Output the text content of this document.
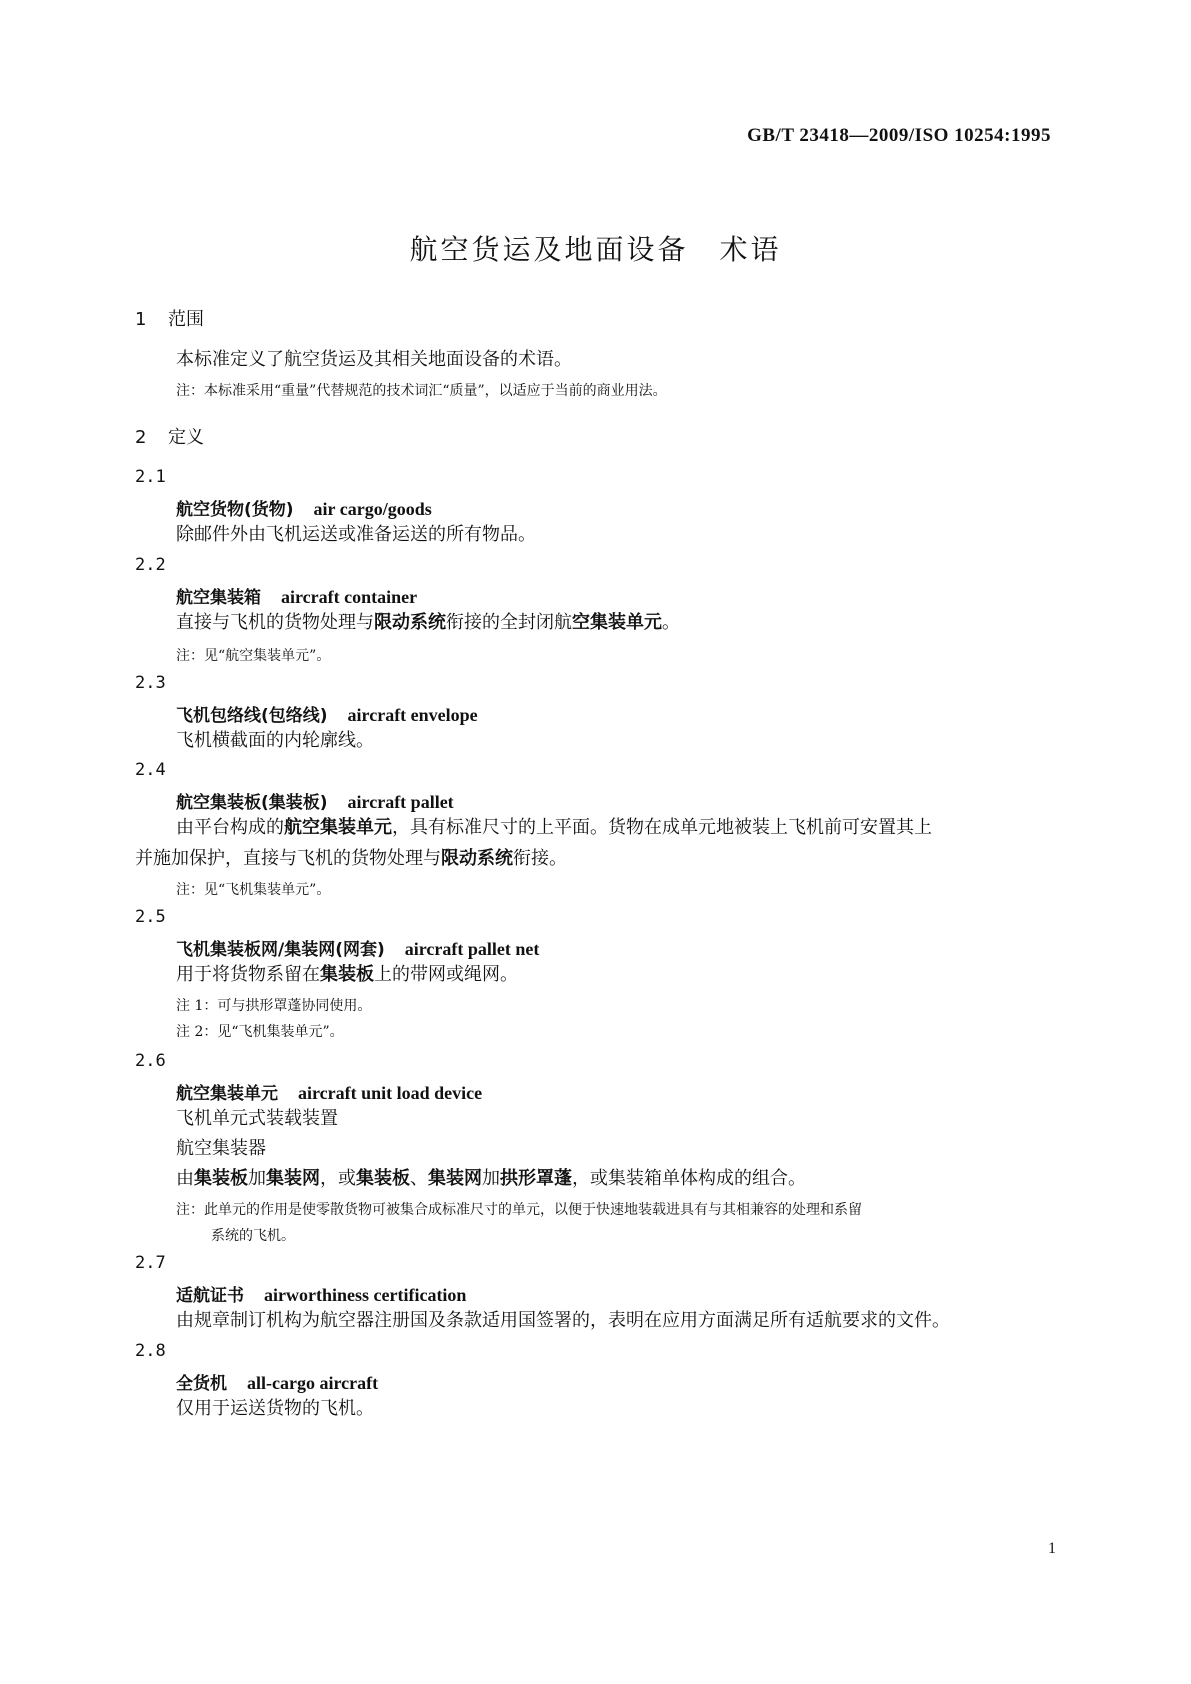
GB/T 23418—2009/ISO 10254:1995
航空货运及地面设备　术语
1 范围
本标准定义了航空货运及其相关地面设备的术语。
注：本标准采用“重量”代替规范的技术词汇“质量”，以适应于当前的商业用法。
2 定义
2.1
航空货物(货物) air cargo/goods
除邮件外由飞机运送或准备运送的所有物品。
2.2
航空集装箱 aircraft container
直接与飞机的货物处理与限动系统衔接的全封闭航空集装单元。
注：见“航空集装单元”。
2.3
飞机包络线(包络线) aircraft envelope
飞机横截面的内轮廓线。
2.4
航空集装板(集装板) aircraft pallet
由平台构成的航空集装单元，具有标准尺寸的上平面。货物在成单元地被装上飞机前可安置其上
并施加保护，直接与飞机的货物处理与限动系统衔接。
注：见“飞机集装单元”。
2.5
飞机集装板网/集装网(网套) aircraft pallet net
用于将货物系留在集装板上的带网或绳网。
注 1：可与拱形罩蓬协同使用。
注 2：见“飞机集装单元”。
2.6
航空集装单元 aircraft unit load device
飞机单元式装载装置
航空集装器
由集装板加集装网，或集装板、集装网加拱形罩蓬，或集装箱单体构成的组合。
注：此单元的作用是使零散货物可被集合成标准尺寸的单元，以便于快速地装载进具有与其相兼容的处理和系留
系统的飞机。
2.7
适航证书 airworthiness certification
由规章制订机构为航空器注册国及条款适用国签署的，表明在应用方面满足所有适航要求的文件。
2.8
全货机 all-cargo aircraft
仅用于运送货物的飞机。
1
